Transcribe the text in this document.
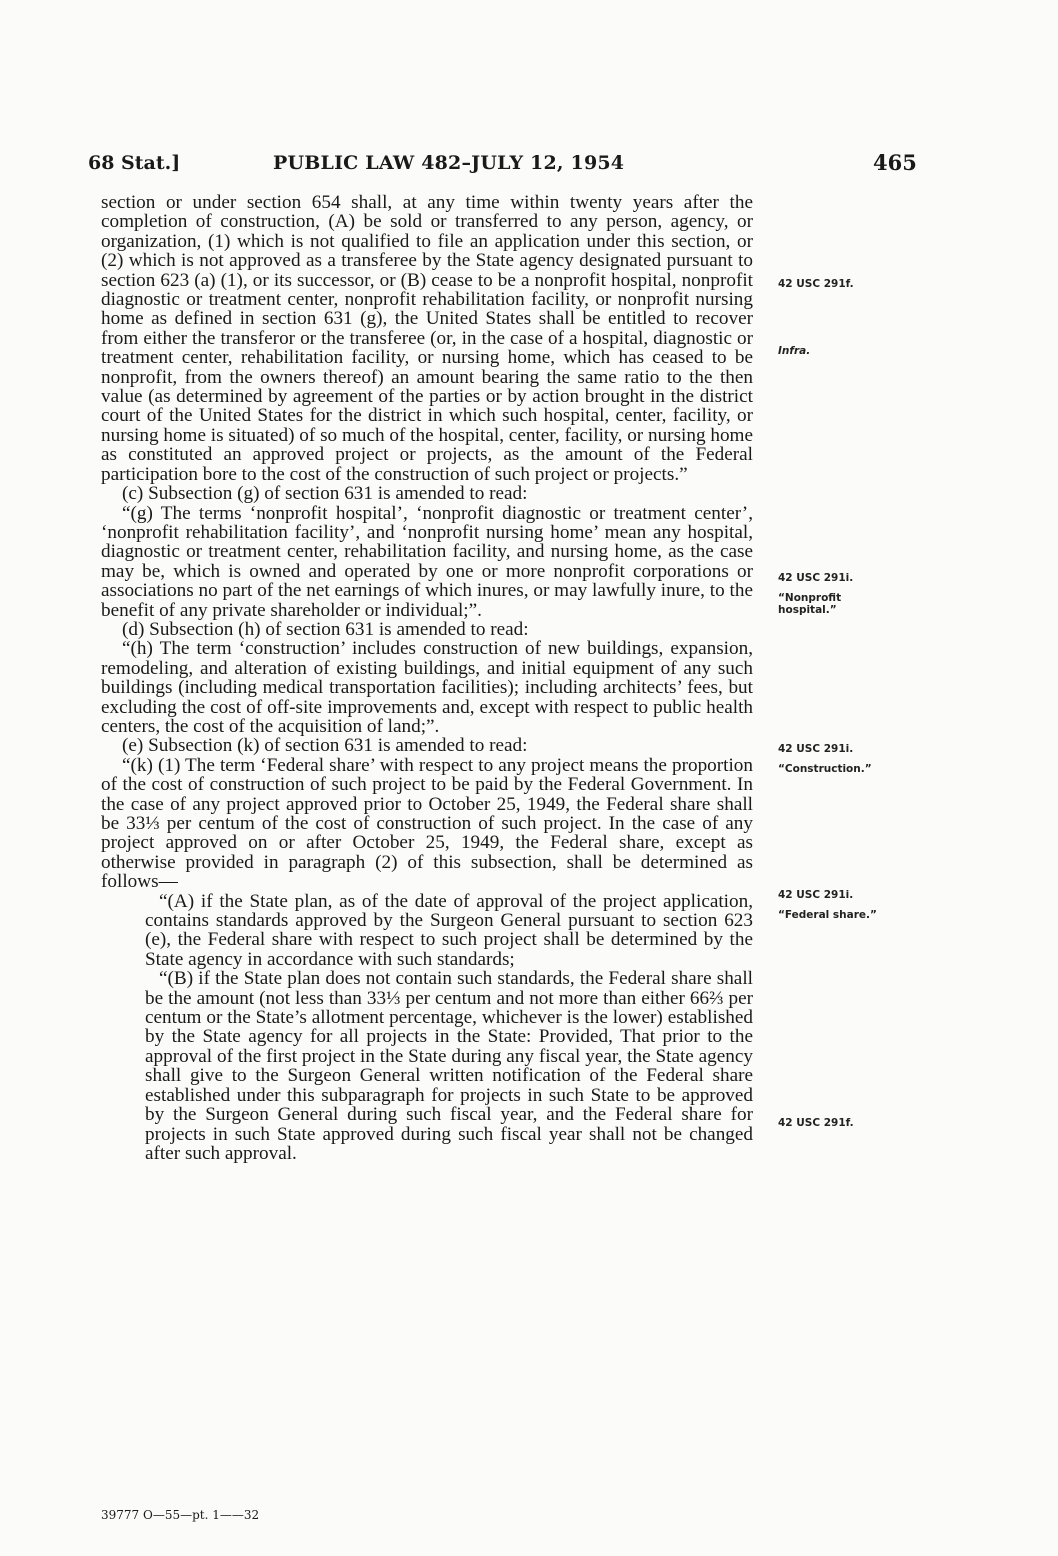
68 Stat.]	PUBLIC LAW 482–JULY 12, 1954	465

section or under section 654 shall, at any time within twenty years after the completion of construction, (A) be sold or transferred to any person, agency, or organization, (1) which is not qualified to file an application under this section, or (2) which is not approved as a transferee by the State agency designated pursuant to section 623 (a) (1), or its successor, or (B) cease to be a nonprofit hospital, nonprofit diagnostic or treatment center, nonprofit rehabilitation facility, or nonprofit nursing home as defined in section 631 (g), the United States shall be entitled to recover from either the transferor or the transferee (or, in the case of a hospital, diagnostic or treatment center, rehabilitation facility, or nursing home, which has ceased to be nonprofit, from the owners thereof) an amount bearing the same ratio to the then value (as determined by agreement of the parties or by action brought in the district court of the United States for the district in which such hospital, center, facility, or nursing home is situated) of so much of the hospital, center, facility, or nursing home as constituted an approved project or projects, as the amount of the Federal participation bore to the cost of the construction of such project or projects.”

(c) Subsection (g) of section 631 is amended to read:

“(g) The terms ‘nonprofit hospital’, ‘nonprofit diagnostic or treatment center’, ‘nonprofit rehabilitation facility’, and ‘nonprofit nursing home’ mean any hospital, diagnostic or treatment center, rehabilitation facility, and nursing home, as the case may be, which is owned and operated by one or more nonprofit corporations or associations no part of the net earnings of which inures, or may lawfully inure, to the benefit of any private shareholder or individual;”.

(d) Subsection (h) of section 631 is amended to read:

“(h) The term ‘construction’ includes construction of new buildings, expansion, remodeling, and alteration of existing buildings, and initial equipment of any such buildings (including medical transportation facilities); including architects’ fees, but excluding the cost of off-site improvements and, except with respect to public health centers, the cost of the acquisition of land;”.

(e) Subsection (k) of section 631 is amended to read:

“(k) (1) The term ‘Federal share’ with respect to any project means the proportion of the cost of construction of such project to be paid by the Federal Government. In the case of any project approved prior to October 25, 1949, the Federal share shall be 33⅓ per centum of the cost of construction of such project. In the case of any project approved on or after October 25, 1949, the Federal share, except as otherwise provided in paragraph (2) of this subsection, shall be determined as follows—

“(A) if the State plan, as of the date of approval of the project application, contains standards approved by the Surgeon General pursuant to section 623 (e), the Federal share with respect to such project shall be determined by the State agency in accordance with such standards;

“(B) if the State plan does not contain such standards, the Federal share shall be the amount (not less than 33⅓ per centum and not more than either 66⅔ per centum or the State’s allotment percentage, whichever is the lower) established by the State agency for all projects in the State: Provided, That prior to the approval of the first project in the State during any fiscal year, the State agency shall give to the Surgeon General written notification of the Federal share established under this subparagraph for projects in such State to be approved by the Surgeon General during such fiscal year, and the Federal share for projects in such State approved during such fiscal year shall not be changed after such approval.

42 USC 291f.
Infra.
42 USC 291i.
“Nonprofit hospital.”
42 USC 291i.
“Construction.”
42 USC 291i.
“Federal share.”
42 USC 291f.
39777 O—55—pt. 1——32
